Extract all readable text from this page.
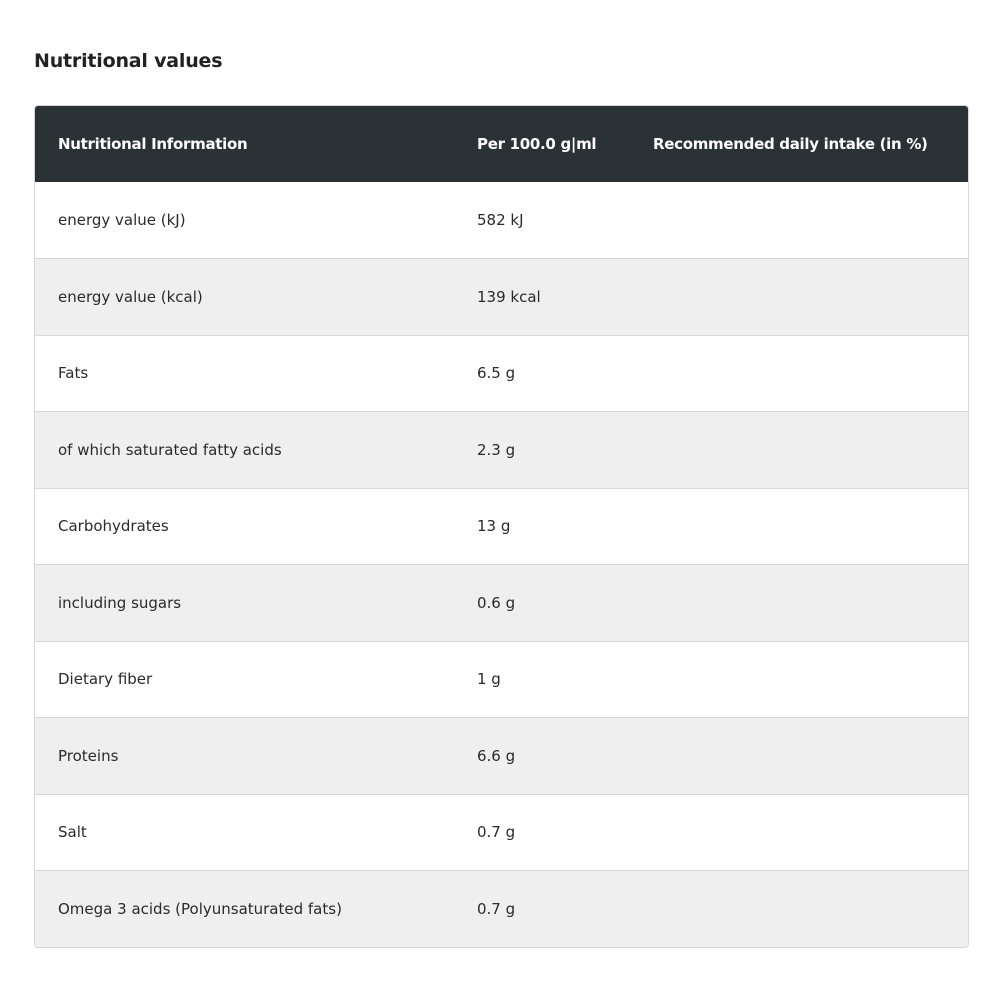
Nutritional values
Nutritional Information	Per 100.0 g|ml	Recommended daily intake (in %)
energy value (kJ)	582 kJ	
energy value (kcal)	139 kcal	
Fats	6.5 g	
of which saturated fatty acids	2.3 g	
Carbohydrates	13 g	
including sugars	0.6 g	
Dietary fiber	1 g	
Proteins	6.6 g	
Salt	0.7 g	
Omega 3 acids (Polyunsaturated fats)	0.7 g	
